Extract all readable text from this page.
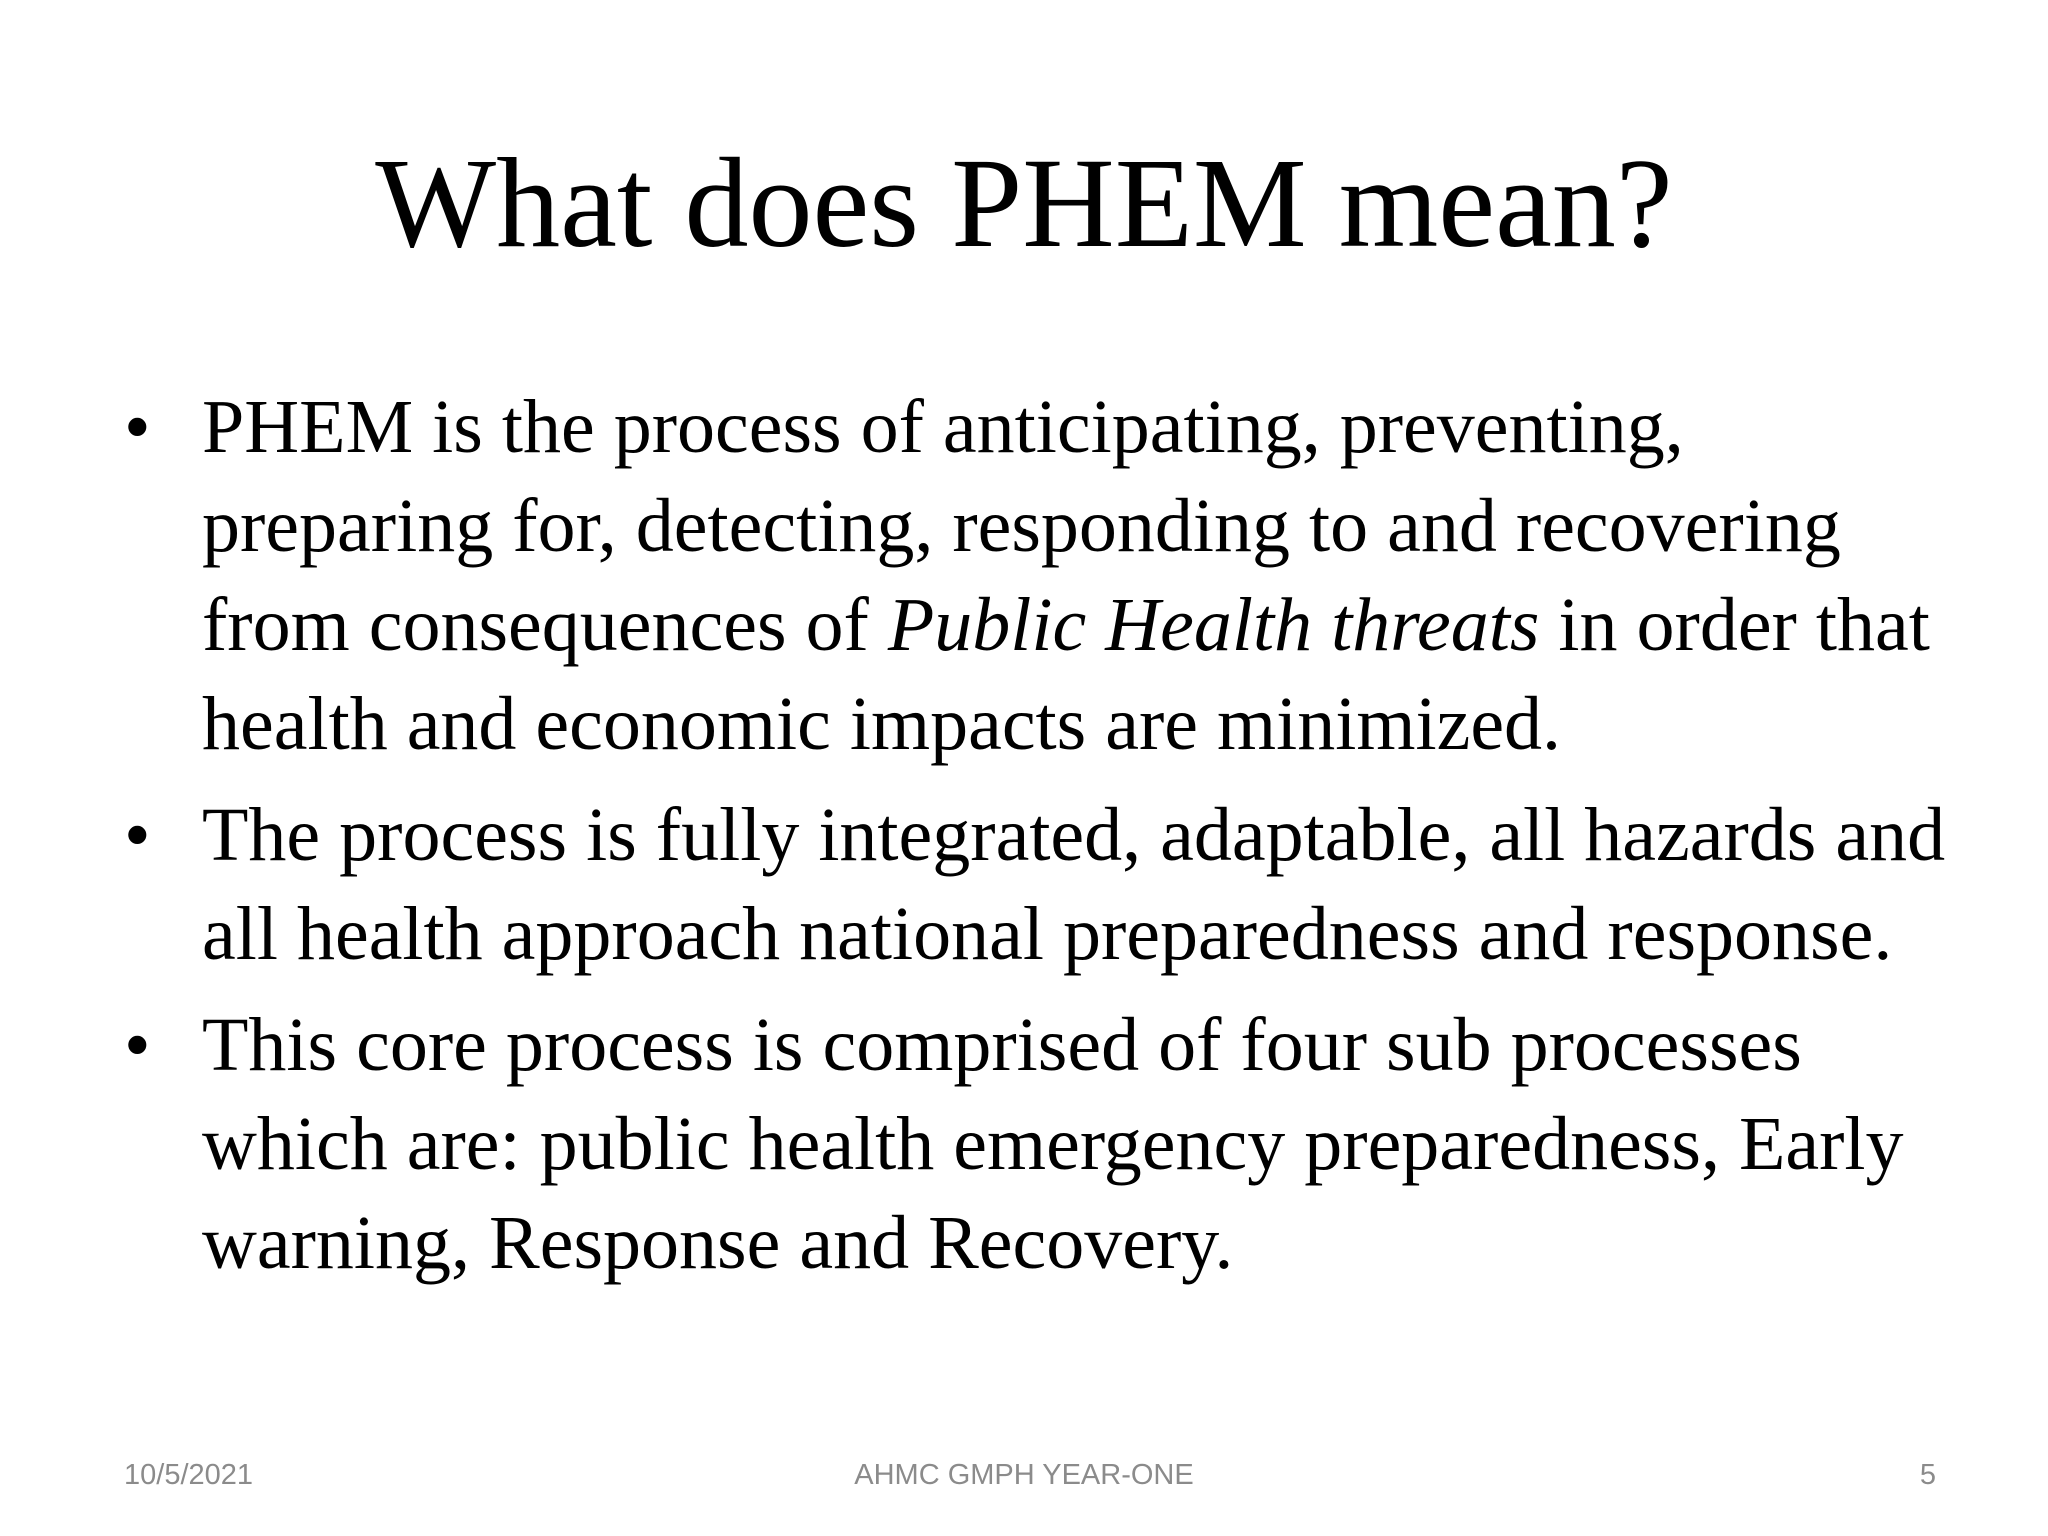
What does PHEM mean?
• PHEM is the process of anticipating, preventing, preparing for, detecting, responding to and recovering from consequences of Public Health threats in order that health and economic impacts are minimized.
• The process is fully integrated, adaptable, all hazards and all health approach national preparedness and response.
• This core process is comprised of four sub processes which are: public health emergency preparedness, Early warning, Response and Recovery.
10/5/2021	AHMC GMPH YEAR-ONE	5
